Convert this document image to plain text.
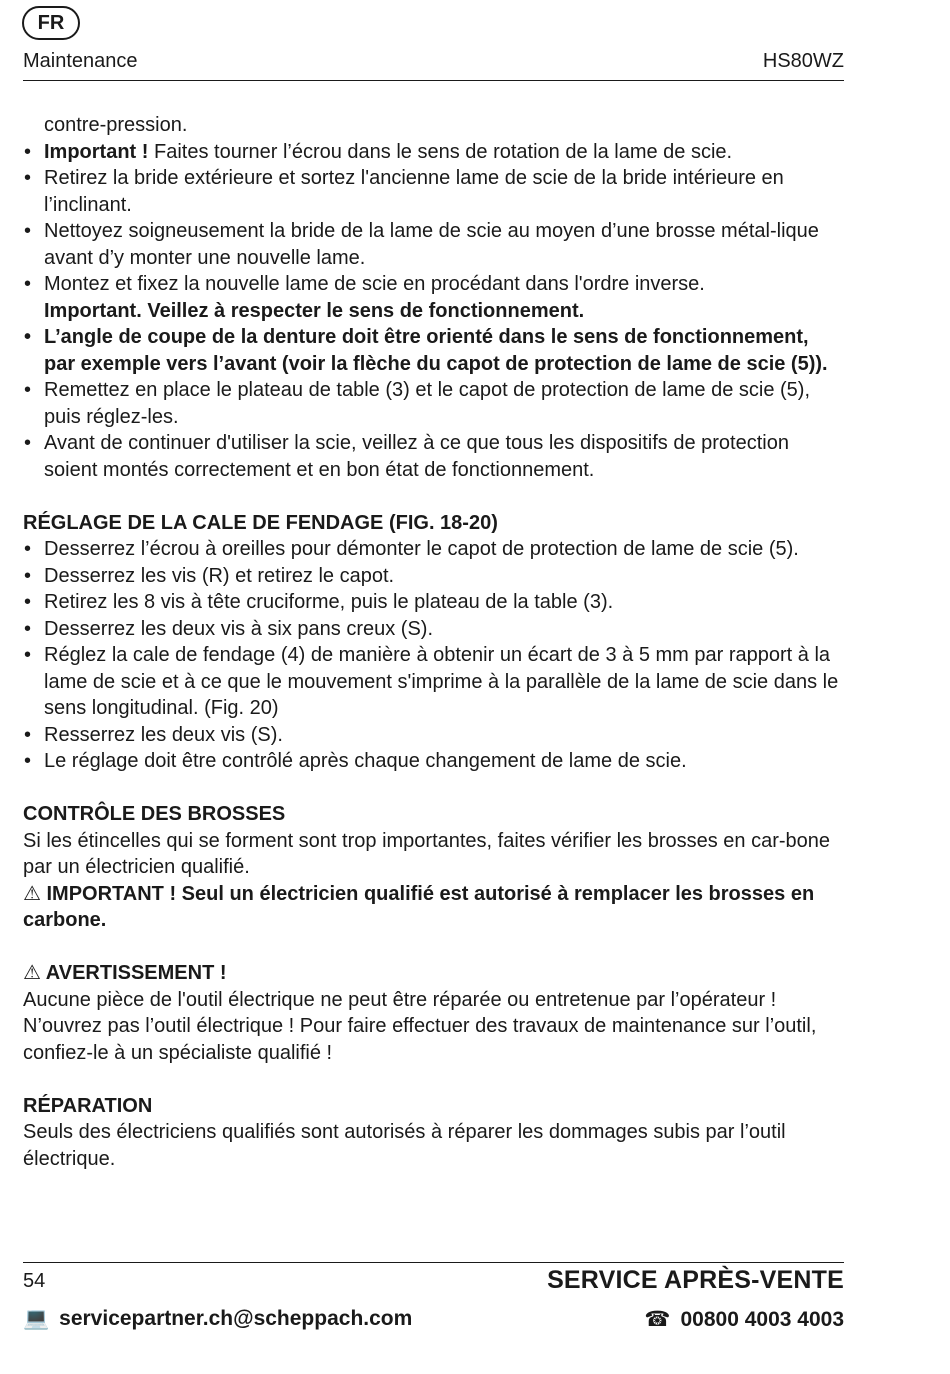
FR
Maintenance	HS80WZ

contre-pression.

• Important ! Faites tourner l’écrou dans le sens de rotation de la lame de scie.
• Retirez la bride extérieure et sortez l'ancienne lame de scie de la bride intérieure en l’inclinant.
• Nettoyez soigneusement la bride de la lame de scie au moyen d’une brosse métal-lique avant d’y monter une nouvelle lame.
• Montez et fixez la nouvelle lame de scie en procédant dans l'ordre inverse.
Important. Veillez à respecter le sens de fonctionnement.
• L’angle de coupe de la denture doit être orienté dans le sens de fonctionnement, par exemple vers l’avant (voir la flèche du capot de protection de lame de scie (5)).
• Remettez en place le plateau de table (3) et le capot de protection de lame de scie (5), puis réglez-les.
• Avant de continuer d'utiliser la scie, veillez à ce que tous les dispositifs de protection soient montés correctement et en bon état de fonctionnement.

RÉGLAGE DE LA CALE DE FENDAGE (FIG. 18-20)

• Desserrez l’écrou à oreilles pour démonter le capot de protection de lame de scie (5).
• Desserrez les vis (R) et retirez le capot.
• Retirez les 8 vis à tête cruciforme, puis le plateau de la table (3).
• Desserrez les deux vis à six pans creux (S).
• Réglez la cale de fendage (4) de manière à obtenir un écart de 3 à 5 mm par rapport à la lame de scie et à ce que le mouvement s'imprime à la parallèle de la lame de scie dans le sens longitudinal. (Fig. 20)
• Resserrez les deux vis (S).
• Le réglage doit être contrôlé après chaque changement de lame de scie.

CONTRÔLE DES BROSSES

Si les étincelles qui se forment sont trop importantes, faites vérifier les brosses en car-bone par un électricien qualifié.

⚠ IMPORTANT ! Seul un électricien qualifié est autorisé à remplacer les brosses en carbone.

⚠ AVERTISSEMENT !

Aucune pièce de l'outil électrique ne peut être réparée ou entretenue par l’opérateur ! N’ouvrez pas l’outil électrique ! Pour faire effectuer des travaux de maintenance sur l’outil, confiez-le à un spécialiste qualifié !

RÉPARATION

Seuls des électriciens qualifiés sont autorisés à réparer les dommages subis par l’outil électrique.

54	SERVICE APRÈS-VENTE
💻 servicepartner.ch@scheppach.com	☎ 00800 4003 4003
